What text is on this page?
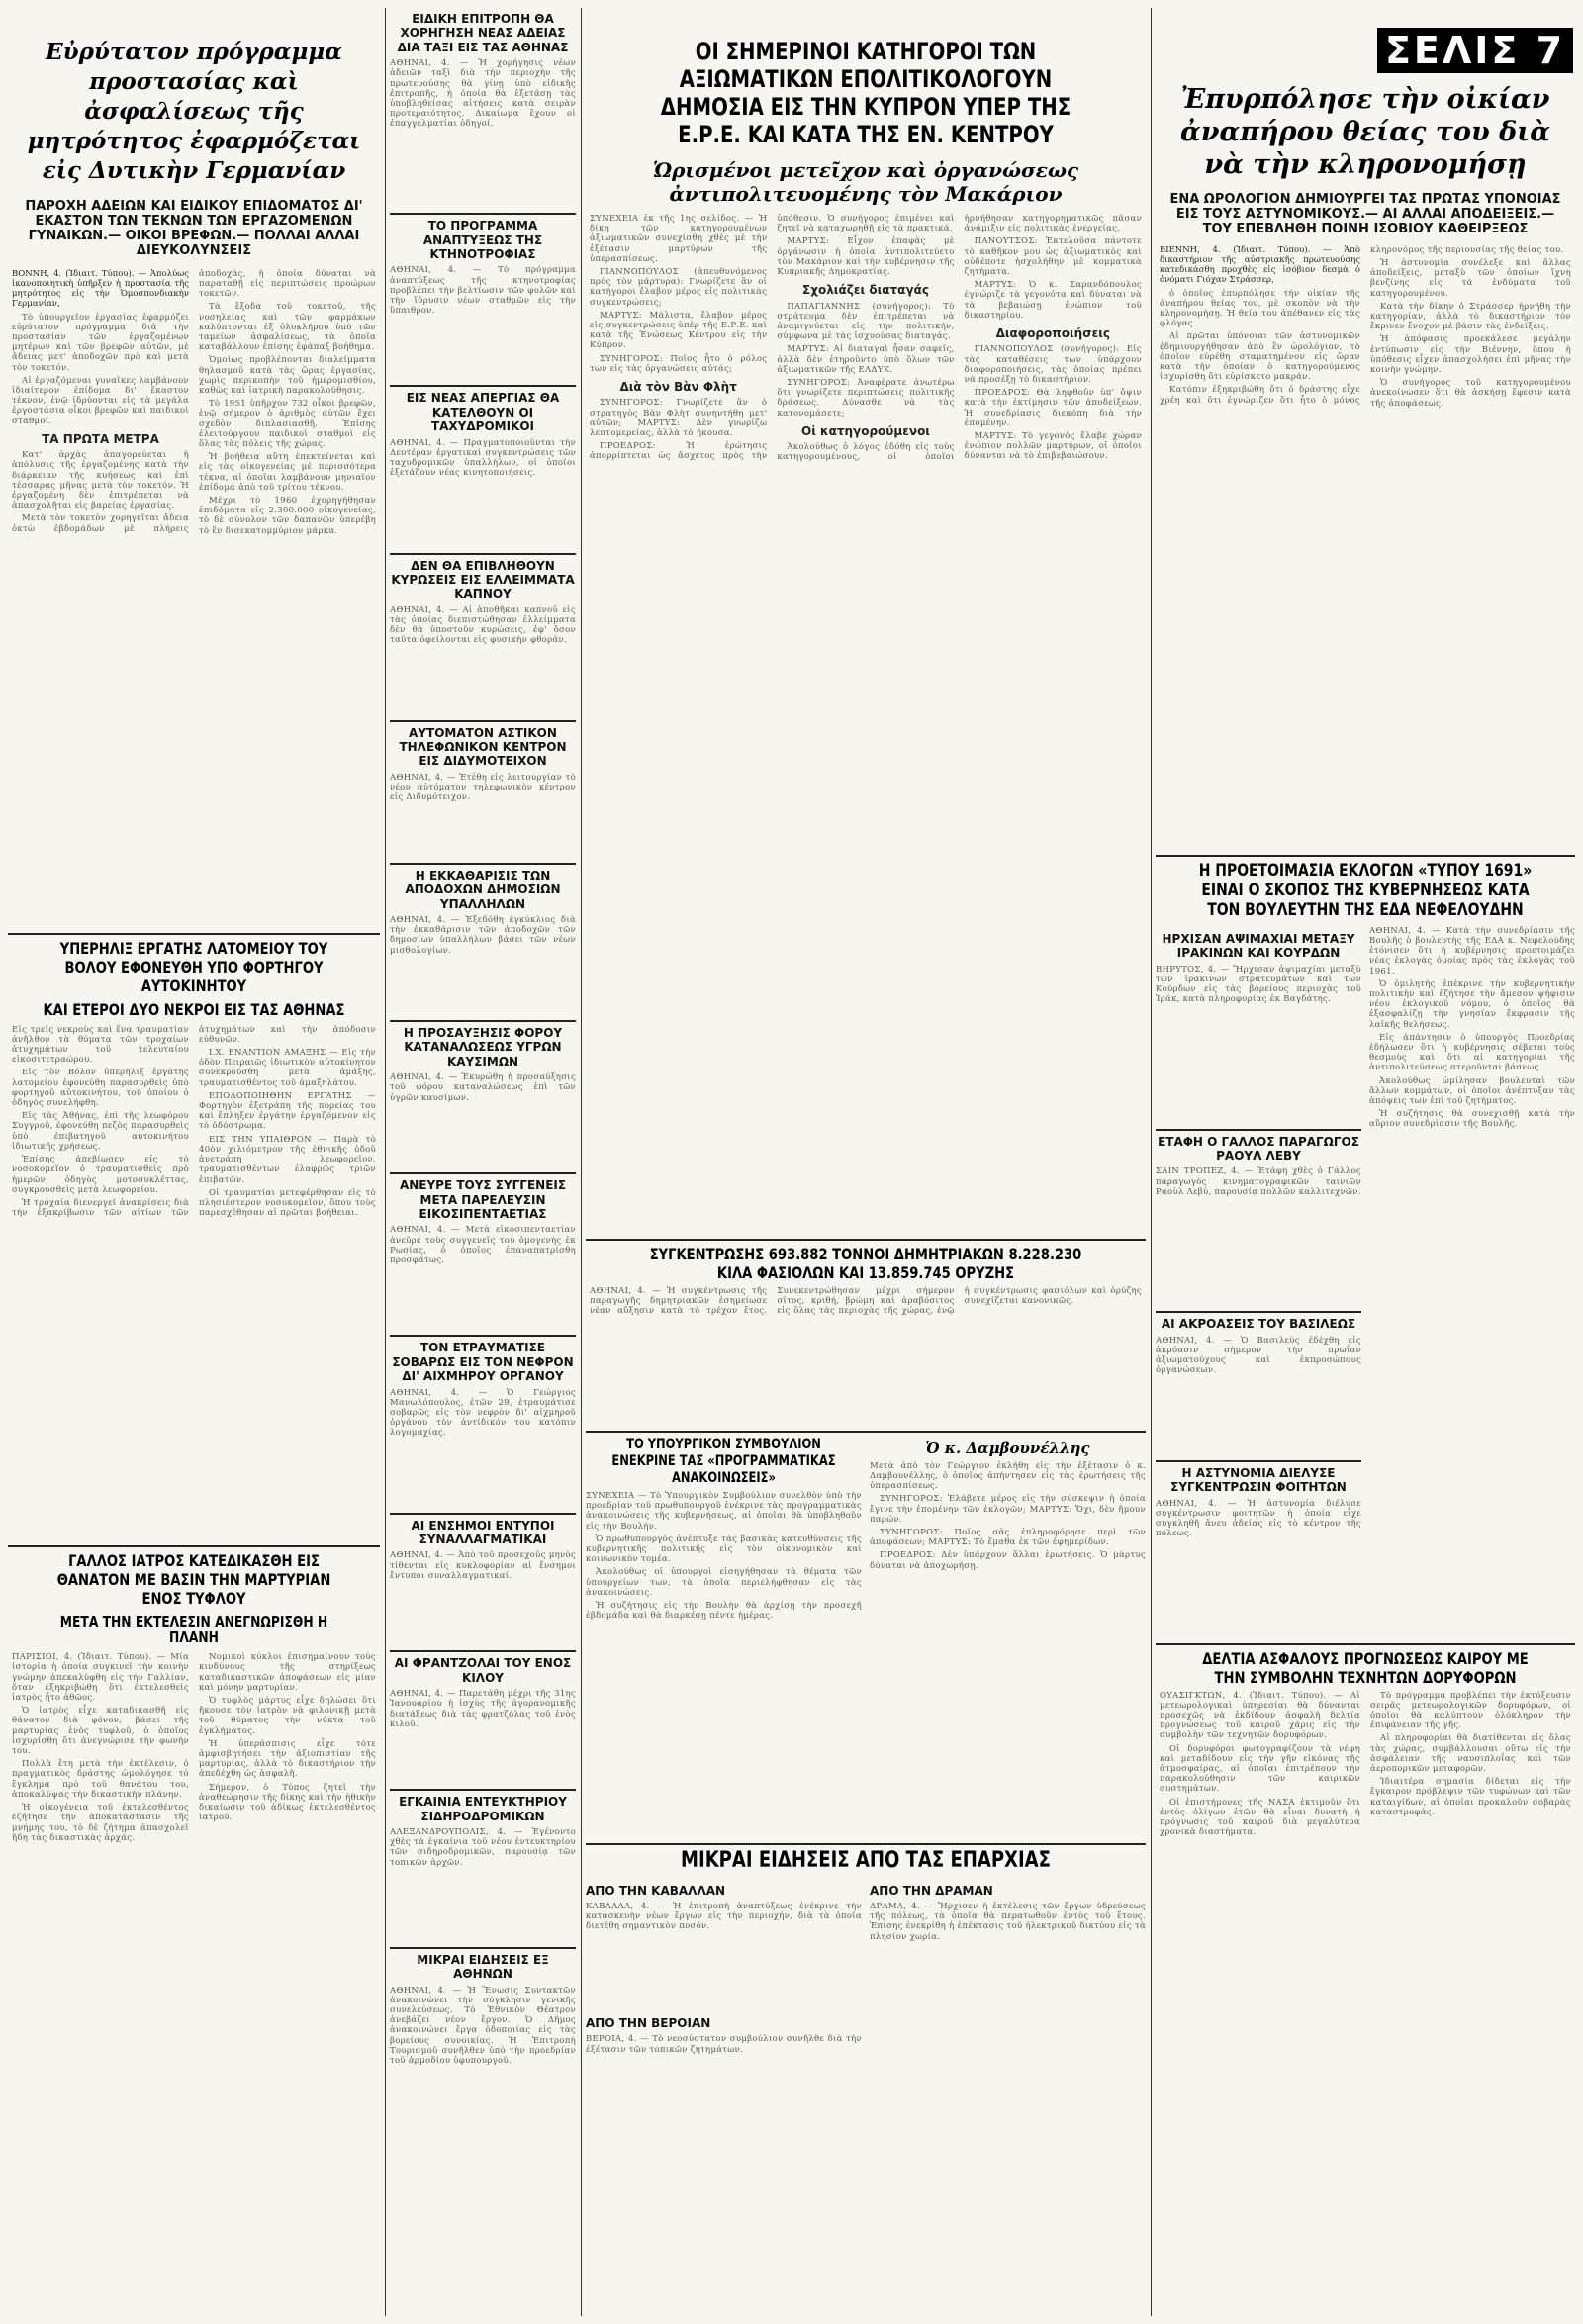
Εὐρύτατον πρόγραμμα προστασίας καὶ ἀσφαλίσεως τῆς μητρότητος ἐφαρμόζεται εἰς Δυτικὴν Γερμανίαν
ΠΑΡΟΧΗ ΑΔΕΙΩΝ ΚΑΙ ΕΙΔΙΚΟΥ ΕΠΙΔΟΜΑΤΟΣ ΔΙ' ΕΚΑΣΤΟΝ ΤΩΝ ΤΕΚΝΩΝ ΤΩΝ ΕΡΓΑΖΟΜΕΝΩΝ ΓΥΝΑΙΚΩΝ.— ΟΙΚΟΙ ΒΡΕΦΩΝ.— ΠΟΛΛΑΙ ΑΛΛΑΙ ΔΙΕΥΚΟΛΥΝΣΕΙΣ

ΒΟΝΝΗ, 4. (Ἰδιαιτ. Τύπου). — Ἀπολύως ἱκανοποιητικὴ ὑπῆρξεν ἡ προστασία τῆς μητρότητος εἰς τὴν Ὁμοσπονδιακὴν Γερμανίαν,

Τὸ ὑπουργεῖον ἐργασίας ἐφαρμόζει εὐρύτατον πρόγραμμα διὰ τὴν προστασίαν τῶν ἐργαζομένων μητέρων καὶ τῶν βρεφῶν αὐτῶν, μὲ ἄδειας μετ' ἀποδοχῶν πρὸ καὶ μετὰ τὸν τοκετόν.

Αἱ ἐργαζόμεναι γυναῖκες λαμβάνουν ἰδιαίτερον ἐπίδομα δι' ἕκαστον τέκνον, ἐνῷ ἱδρύονται εἰς τὰ μεγάλα ἐργοστάσια οἶκοι βρεφῶν καὶ παιδικοὶ σταθμοί.

ΤΑ ΠΡΩΤΑ ΜΕΤΡΑ

Κατ' ἀρχὰς ἀπαγορεύεται ἡ ἀπόλυσις τῆς ἐργαζομένης κατὰ τὴν διάρκειαν τῆς κυήσεως καὶ ἐπὶ τέσσαρας μῆνας μετὰ τὸν τοκετόν. Ἡ ἐργαζομένη δὲν ἐπιτρέπεται νὰ ἀπασχολῆται εἰς βαρείας ἐργασίας.

Μετὰ τὸν τοκετὸν χορηγεῖται ἄδεια ὀκτὼ ἑβδομάδων μὲ πλήρεις ἀποδοχάς, ἡ ὁποία δύναται νὰ παραταθῇ εἰς περιπτώσεις προώρων τοκετῶν.

Τὰ ἔξοδα τοῦ τοκετοῦ, τῆς νοσηλείας καὶ τῶν φαρμάκων καλύπτονται ἐξ ὁλοκλήρου ὑπὸ τῶν ταμείων ἀσφαλίσεως, τὰ ὁποῖα καταβάλλουν ἐπίσης ἐφάπαξ βοήθημα.

Ὁμοίως προβλέπονται διαλείμματα θηλασμοῦ κατὰ τὰς ὥρας ἐργασίας, χωρὶς περικοπὴν τοῦ ἡμερομισθίου, καθὼς καὶ ἰατρικὴ παρακολούθησις.

Τὸ 1951 ὑπῆρχον 732 οἶκοι βρεφῶν, ἐνῷ σήμερον ὁ ἀριθμὸς αὐτῶν ἔχει σχεδὸν διπλασιασθῆ. Ἐπίσης ἐλειτούργουν παιδικοὶ σταθμοὶ εἰς ὅλας τὰς πόλεις τῆς χώρας.

Ἡ βοήθεια αὕτη ἐπεκτείνεται καὶ εἰς τὰς οἰκογενείας μὲ περισσότερα τέκνα, αἱ ὁποῖαι λαμβάνουν μηνιαῖον ἐπίδομα ἀπὸ τοῦ τρίτου τέκνου.

Μέχρι τὸ 1960 ἐχορηγήθησαν ἐπιδόματα εἰς 2.300.000 οἰκογενείας, τὸ δὲ σύνολον τῶν δαπανῶν ὑπερέβη τὸ ἓν δισεκατομμύριον μάρκα.

ΥΠΕΡΗΛΙΞ ΕΡΓΑΤΗΣ ΛΑΤΟΜΕΙΟΥ ΤΟΥ ΒΟΛΟΥ ΕΦΟΝΕΥΘΗ ΥΠΟ ΦΟΡΤΗΓΟΥ ΑΥΤΟΚΙΝΗΤΟΥ
ΚΑΙ ΕΤΕΡΟΙ ΔΥΟ ΝΕΚΡΟΙ ΕΙΣ ΤΑΣ ΑΘΗΝΑΣ

Εἰς τρεῖς νεκροὺς καὶ ἕνα τραυματίαν ἀνῆλθον τὰ θύματα τῶν τροχαίων ἀτυχημάτων τοῦ τελευταίου εἰκοσιτετραώρου.

Εἰς τὸν Βόλον ὑπερῆλιξ ἐργάτης λατομείου ἐφονεύθη παρασυρθεὶς ὑπὸ φορτηγοῦ αὐτοκινήτου, τοῦ ὁποίου ὁ ὁδηγὸς συνελήφθη.

Εἰς τὰς Ἀθήνας, ἐπὶ τῆς λεωφόρου Συγγροῦ, ἐφονεύθη πεζὸς παρασυρθεὶς ὑπὸ ἐπιβατηγοῦ αὐτοκινήτου ἰδιωτικῆς χρήσεως.

Ἐπίσης ἀπεβίωσεν εἰς τὸ νοσοκομεῖον ὁ τραυματισθεὶς πρὸ ἡμερῶν ὁδηγὸς μοτοσυκλέττας, συγκρουσθεὶς μετὰ λεωφορείου.

Ἡ τροχαία διενεργεῖ ἀνακρίσεις διὰ τὴν ἐξακρίβωσιν τῶν αἰτίων τῶν ἀτυχημάτων καὶ τὴν ἀπόδοσιν εὐθυνῶν.

Ι.Χ. ΕΝΑΝΤΙΟΝ ΑΜΑΞΗΣ — Εἰς τὴν ὁδὸν Πειραιῶς ἰδιωτικὸν αὐτοκίνητον συνεκρούσθη μετὰ ἁμάξης, τραυματισθέντος τοῦ ἁμαξηλάτου.

ΕΠΟΔΟΠΟΙΗΘΗΝ ΕΡΓΑΤΗΣ — Φορτηγὸν ἐξετράπη τῆς πορείας του καὶ ἔπληξεν ἐργάτην ἐργαζόμενον εἰς τὸ ὁδόστρωμα.

ΕΙΣ ΤΗΝ ΥΠΑΙΘΡΟΝ — Παρὰ τὸ 40ὸν χιλιόμετρον τῆς ἐθνικῆς ὁδοῦ ἀνετράπη λεωφορεῖον, τραυματισθέντων ἐλαφρῶς τριῶν ἐπιβατῶν.

Οἱ τραυματίαι μετεφέρθησαν εἰς τὸ πλησιέστερον νοσοκομεῖον, ὅπου τοὺς παρεσχέθησαν αἱ πρῶται βοήθειαι.

ΓΑΛΛΟΣ ΙΑΤΡΟΣ ΚΑΤΕΔΙΚΑΣΘΗ ΕΙΣ ΘΑΝΑΤΟΝ ΜΕ ΒΑΣΙΝ ΤΗΝ ΜΑΡΤΥΡΙΑΝ ΕΝΟΣ ΤΥΦΛΟΥ
ΜΕΤΑ ΤΗΝ ΕΚΤΕΛΕΣΙΝ ΑΝΕΓΝΩΡΙΣΘΗ Η ΠΛΑΝΗ

ΠΑΡΙΣΙΟΙ, 4. (Ἰδιαιτ. Τύπου). — Μία ἱστορία ἡ ὁποία συγκινεῖ τὴν κοινὴν γνώμην ἀπεκαλύφθη εἰς τὴν Γαλλίαν, ὅταν ἐξηκριβώθη ὅτι ἐκτελεσθεὶς ἰατρὸς ἦτο ἀθῶος.

Ὁ ἰατρὸς εἶχε καταδικασθῆ εἰς θάνατον διὰ φόνον, βάσει τῆς μαρτυρίας ἑνὸς τυφλοῦ, ὁ ὁποῖος ἰσχυρίσθη ὅτι ἀνεγνώρισε τὴν φωνήν του.

Πολλὰ ἔτη μετὰ τὴν ἐκτέλεσιν, ὁ πραγματικὸς δράστης ὡμολόγησε τὸ ἔγκλημα πρὸ τοῦ θανάτου του, ἀποκαλύψας τὴν δικαστικὴν πλάνην.

Ἡ οἰκογένεια τοῦ ἐκτελεσθέντος ἐζήτησε τὴν ἀποκατάστασιν τῆς μνήμης του, τὸ δὲ ζήτημα ἀπασχολεῖ ἤδη τὰς δικαστικὰς ἀρχάς.

Νομικοὶ κύκλοι ἐπισημαίνουν τοὺς κινδύνους τῆς στηρίξεως καταδικαστικῶν ἀποφάσεων εἰς μίαν καὶ μόνην μαρτυρίαν.

Ὁ τυφλὸς μάρτυς εἶχε δηλώσει ὅτι ἤκουσε τὸν ἰατρὸν νὰ φιλονικῇ μετὰ τοῦ θύματος τὴν νύκτα τοῦ ἐγκλήματος.

Ἡ ὑπεράσπισις εἶχε τότε ἀμφισβητήσει τὴν ἀξιοπιστίαν τῆς μαρτυρίας, ἀλλὰ τὸ δικαστήριον τὴν ἀπεδέχθη ὡς ἀσφαλῆ.

Σήμερον, ὁ Τύπος ζητεῖ τὴν ἀναθεώρησιν τῆς δίκης καὶ τὴν ἠθικὴν δικαίωσιν τοῦ ἀδίκως ἐκτελεσθέντος ἰατροῦ.

ΕΙΔΙΚΗ ΕΠΙΤΡΟΠΗ ΘΑ ΧΟΡΗΓΗΣΗ ΝΕΑΣ ΑΔΕΙΑΣ ΔΙΑ ΤΑΞΙ ΕΙΣ ΤΑΣ ΑΘΗΝΑΣ

ΑΘΗΝΑΙ, 4. — Ἡ χορήγησις νέων ἀδειῶν ταξὶ διὰ τὴν περιοχὴν τῆς πρωτευούσης θὰ γίνῃ ὑπὸ εἰδικῆς ἐπιτροπῆς, ἡ ὁποία θὰ ἐξετάσῃ τὰς ὑποβληθείσας αἰτήσεις κατὰ σειρὰν προτεραιότητος. Δικαίωμα ἔχουν οἱ ἐπαγγελματίαι ὁδηγοί.

ΤΟ ΠΡΟΓΡΑΜΜΑ ΑΝΑΠΤΥΞΕΩΣ ΤΗΣ ΚΤΗΝΟΤΡΟΦΙΑΣ

ΑΘΗΝΑΙ, 4. — Τὸ πρόγραμμα ἀναπτύξεως τῆς κτηνοτροφίας προβλέπει τὴν βελτίωσιν τῶν φυλῶν καὶ τὴν ἵδρυσιν νέων σταθμῶν εἰς τὴν ὕπαιθρον.

ΕΙΣ ΝΕΑΣ ΑΠΕΡΓΙΑΣ ΘΑ ΚΑΤΕΛΘΟΥΝ ΟΙ ΤΑΧΥΔΡΟΜΙΚΟΙ

ΑΘΗΝΑΙ, 4. — Πραγματοποιοῦνται τὴν Δευτέραν ἐργατικαὶ συγκεντρώσεις τῶν ταχυδρομικῶν ὑπαλλήλων, οἱ ὁποῖοι ἐξετάζουν νέας κινητοποιήσεις.

ΔΕΝ ΘΑ ΕΠΙΒΛΗΘΟΥΝ ΚΥΡΩΣΕΙΣ ΕΙΣ ΕΛΛΕΙΜΜΑΤΑ ΚΑΠΝΟΥ

ΑΘΗΝΑΙ, 4. — Αἱ ἀποθῆκαι καπνοῦ εἰς τὰς ὁποίας διεπιστώθησαν ἐλλείμματα δὲν θὰ ὑποστοῦν κυρώσεις, ἐφ' ὅσον ταῦτα ὀφείλονται εἰς φυσικὴν φθοράν.

ΑΥΤΟΜΑΤΟΝ ΑΣΤΙΚΟΝ ΤΗΛΕΦΩΝΙΚΟΝ ΚΕΝΤΡΟΝ ΕΙΣ ΔΙΔΥΜΟΤΕΙΧΟΝ

ΑΘΗΝΑΙ, 4. — Ἐτέθη εἰς λειτουργίαν τὸ νέον αὐτόματον τηλεφωνικὸν κέντρον εἰς Διδυμότειχον.

Η ΕΚΚΑΘΑΡΙΣΙΣ ΤΩΝ ΑΠΟΔΟΧΩΝ ΔΗΜΟΣΙΩΝ ΥΠΑΛΛΗΛΩΝ

ΑΘΗΝΑΙ, 4. — Ἐξεδόθη ἐγκύκλιος διὰ τὴν ἐκκαθάρισιν τῶν ἀποδοχῶν τῶν δημοσίων ὑπαλλήλων βάσει τῶν νέων μισθολογίων.

Η ΠΡΟΣΑΥΞΗΣΙΣ ΦΟΡΟΥ ΚΑΤΑΝΑΛΩΣΕΩΣ ΥΓΡΩΝ ΚΑΥΣΙΜΩΝ

ΑΘΗΝΑΙ, 4. — Ἐκυρώθη ἡ προσαύξησις τοῦ φόρου καταναλώσεως ἐπὶ τῶν ὑγρῶν καυσίμων.

ΑΝΕΥΡΕ ΤΟΥΣ ΣΥΓΓΕΝΕΙΣ ΜΕΤΑ ΠΑΡΕΛΕΥΣΙΝ ΕΙΚΟΣΙΠΕΝΤΑΕΤΙΑΣ

ΑΘΗΝΑΙ, 4. — Μετὰ εἰκοσιπενταετίαν ἀνεῦρε τοὺς συγγενεῖς του ὁμογενὴς ἐκ Ρωσίας, ὁ ὁποῖος ἐπαναπατρίσθη προσφάτως.

ΤΟΝ ΕΤΡΑΥΜΑΤΙΣΕ ΣΟΒΑΡΩΣ ΕΙΣ ΤΟΝ ΝΕΦΡΟΝ ΔΙ' ΑΙΧΜΗΡΟΥ ΟΡΓΑΝΟΥ

ΑΘΗΝΑΙ, 4. — Ὁ Γεώργιος Μανωλόπουλος, ἐτῶν 29, ἐτραυμάτισε σοβαρῶς εἰς τὸν νεφρὸν δι' αἰχμηροῦ ὀργάνου τὸν ἀντίδικόν του κατόπιν λογομαχίας.

ΑΙ ΕΝΣΗΜΟΙ ΕΝΤΥΠΟΙ ΣΥΝΑΛΛΑΓΜΑΤΙΚΑΙ

ΑΘΗΝΑΙ, 4. — Ἀπὸ τοῦ προσεχοῦς μηνὸς τίθενται εἰς κυκλοφορίαν αἱ ἔνσημοι ἔντυποι συναλλαγματικαί.

ΑΙ ΦΡΑΝΤΖΟΛΑΙ ΤΟΥ ΕΝΟΣ ΚΙΛΟΥ

ΑΘΗΝΑΙ, 4. — Παρετάθη μέχρι τῆς 31ης Ἰανουαρίου ἡ ἰσχὺς τῆς ἀγορανομικῆς διατάξεως διὰ τὰς φρατζόλας τοῦ ἑνὸς κιλοῦ.

ΕΓΚΑΙΝΙΑ ΕΝΤΕΥΚΤΗΡΙΟΥ ΣΙΔΗΡΟΔΡΟΜΙΚΩΝ

ΑΛΕΞΑΝΔΡΟΥΠΟΛΙΣ, 4. — Ἐγένοντο χθὲς τὰ ἐγκαίνια τοῦ νέου ἐντευκτηρίου τῶν σιδηροδρομικῶν, παρουσίᾳ τῶν τοπικῶν ἀρχῶν.

ΜΙΚΡΑΙ ΕΙΔΗΣΕΙΣ ΕΞ ΑΘΗΝΩΝ

ΑΘΗΝΑΙ, 4. — Ἡ Ἕνωσις Συντακτῶν ἀνακοινώνει τὴν σύγκλησιν γενικῆς συνελεύσεως. Τὸ Ἐθνικὸν Θέατρον ἀνεβάζει νέον ἔργον. Ὁ Δῆμος ἀνακοινώνει ἔργα ὀδοποιίας εἰς τὰς βορείους συνοικίας. Ἡ Ἐπιτροπὴ Τουρισμοῦ συνῆλθεν ὑπὸ τὴν προεδρίαν τοῦ ἁρμοδίου ὑφυπουργοῦ.

ΟΙ ΣΗΜΕΡΙΝΟΙ ΚΑΤΗΓΟΡΟΙ ΤΩΝ ΑΞΙΩΜΑΤΙΚΩΝ ΕΠΟΛΙΤΙΚΟΛΟΓΟΥΝ ΔΗΜΟΣΙΑ ΕΙΣ ΤΗΝ ΚΥΠΡΟΝ ΥΠΕΡ ΤΗΣ Ε.Ρ.Ε. ΚΑΙ ΚΑΤΑ ΤΗΣ ΕΝ. ΚΕΝΤΡΟΥ
Ὡρισμένοι μετεῖχον καὶ ὀργανώσεως ἀντιπολιτευομένης τὸν Μακάριον

ΣΥΝΕΧΕΙΑ ἐκ τῆς 1ης σελίδος. — Ἡ δίκη τῶν κατηγορουμένων ἀξιωματικῶν συνεχίσθη χθὲς μὲ τὴν ἐξέτασιν μαρτύρων τῆς ὑπερασπίσεως.

ΓΙΑΝΝΟΠΟΥΛΟΣ (ἀπευθυνόμενος πρὸς τὸν μάρτυρα): Γνωρίζετε ἂν οἱ κατήγοροι ἔλαβον μέρος εἰς πολιτικὰς συγκεντρώσεις;

ΜΑΡΤΥΣ: Μάλιστα, ἔλαβον μέρος εἰς συγκεντρώσεις ὑπὲρ τῆς Ε.Ρ.Ε. καὶ κατὰ τῆς Ἑνώσεως Κέντρου εἰς τὴν Κύπρον.

ΣΥΝΗΓΟΡΟΣ: Ποῖος ἦτο ὁ ρόλος των εἰς τὰς ὀργανώσεις αὐτάς;

Διὰ τὸν Βὰν Φλὴτ

ΣΥΝΗΓΟΡΟΣ: Γνωρίζετε ἂν ὁ στρατηγὸς Βὰν Φλὴτ συνηντήθη μετ' αὐτῶν; ΜΑΡΤΥΣ: Δὲν γνωρίζω λεπτομερείας, ἀλλὰ τὸ ἤκουσα.

ΠΡΟΕΔΡΟΣ: Ἡ ἐρώτησις ἀπορρίπτεται ὡς ἄσχετος πρὸς τὴν ὑπόθεσιν. Ὁ συνήγορος ἐπιμένει καὶ ζητεῖ νὰ καταχωρηθῇ εἰς τὰ πρακτικά.

ΜΑΡΤΥΣ: Εἶχον ἐπαφὰς μὲ ὀργάνωσιν ἡ ὁποία ἀντιπολιτεύετο τὸν Μακάριον καὶ τὴν κυβέρνησιν τῆς Κυπριακῆς Δημοκρατίας.

Σχολιάζει διαταγάς

ΠΑΠΑΓΙΑΝΝΗΣ (συνήγορος): Τὸ στράτευμα δὲν ἐπιτρέπεται νὰ ἀναμιγνύεται εἰς τὴν πολιτικήν, σύμφωνα μὲ τὰς ἰσχυούσας διαταγάς.

ΜΑΡΤΥΣ: Αἱ διαταγαὶ ἦσαν σαφεῖς, ἀλλὰ δὲν ἐτηροῦντο ὑπὸ ὅλων τῶν ἀξιωματικῶν τῆς ΕΛΔΥΚ.

ΣΥΝΗΓΟΡΟΣ: Ἀναφέρατε ἀνωτέρω ὅτι γνωρίζετε περιπτώσεις πολιτικῆς δράσεως. Δύνασθε νὰ τὰς κατονομάσετε;

Οἱ κατηγορούμενοι

Ἀκολούθως ὁ λόγος ἐδόθη εἰς τοὺς κατηγορουμένους, οἱ ὁποῖοι ἠρνήθησαν κατηγορηματικῶς πᾶσαν ἀνάμιξιν εἰς πολιτικὰς ἐνεργείας.

ΠΑΝΟΥΤΣΟΣ: Ἐκτελοῦσα πάντοτε τὸ καθῆκον μου ὡς ἀξιωματικὸς καὶ οὐδέποτε ἠσχολήθην μὲ κομματικὰ ζητήματα.

ΜΑΡΤΥΣ: Ὁ κ. Σαρανδόπουλος ἐγνώριζε τὰ γεγονότα καὶ δύναται νὰ τὰ βεβαιώσῃ ἐνώπιον τοῦ δικαστηρίου.

Διαφοροποιήσεις

ΓΙΑΝΝΟΠΟΥΛΟΣ (συνήγορος): Εἰς τὰς καταθέσεις των ὑπάρχουν διαφοροποιήσεις, τὰς ὁποίας πρέπει νὰ προσέξῃ τὸ δικαστήριον.

ΠΡΟΕΔΡΟΣ: Θὰ ληφθοῦν ὑπ' ὄψιν κατὰ τὴν ἐκτίμησιν τῶν ἀποδείξεων. Ἡ συνεδρίασις διεκόπη διὰ τὴν ἐπομένην.

ΜΑΡΤΥΣ: Τὸ γεγονὸς ἔλαβε χώραν ἐνώπιον πολλῶν μαρτύρων, οἱ ὁποῖοι δύνανται νὰ τὸ ἐπιβεβαιώσουν.

ΣΥΓΚΕΝΤΡΩΣΗΣ 693.882 ΤΟΝΝΟΙ ΔΗΜΗΤΡΙΑΚΩΝ 8.228.230 ΚΙΛΑ ΦΑΣΙΟΛΩΝ ΚΑΙ 13.859.745 ΟΡΥΖΗΣ

ΑΘΗΝΑΙ, 4. — Ἡ συγκέντρωσις τῆς παραγωγῆς δημητριακῶν ἐσημείωσε νέαν αὔξησιν κατὰ τὸ τρέχον ἔτος. Συνεκεντρώθησαν μέχρι σήμερον σῖτος, κριθή, βρώμη καὶ ἀραβόσιτος εἰς ὅλας τὰς περιοχὰς τῆς χώρας, ἐνῷ ἡ συγκέντρωσις φασιόλων καὶ ὀρύζης συνεχίζεται κανονικῶς.

ΤΟ ΥΠΟΥΡΓΙΚΟΝ ΣΥΜΒΟΥΛΙΟΝ ΕΝΕΚΡΙΝΕ ΤΑΣ «ΠΡΟΓΡΑΜΜΑΤΙΚΑΣ ΑΝΑΚΟΙΝΩΣΕΙΣ»

ΣΥΝΕΧΕΙΑ — Τὸ Ὑπουργικὸν Συμβούλιον συνελθὸν ὑπὸ τὴν προεδρίαν τοῦ πρωθυπουργοῦ ἐνέκρινε τὰς προγραμματικὰς ἀνακοινώσεις τῆς κυβερνήσεως, αἱ ὁποῖαι θὰ ὑποβληθοῦν εἰς τὴν Βουλήν.

Ὁ πρωθυπουργὸς ἀνέπτυξε τὰς βασικὰς κατευθύνσεις τῆς κυβερνητικῆς πολιτικῆς εἰς τὸν οἰκονομικὸν καὶ κοινωνικὸν τομέα.

Ἀκολούθως οἱ ὑπουργοὶ εἰσηγήθησαν τὰ θέματα τῶν ὑπουργείων των, τὰ ὁποῖα περιελήφθησαν εἰς τὰς ἀνακοινώσεις.

Ἡ συζήτησις εἰς τὴν Βουλὴν θὰ ἀρχίσῃ τὴν προσεχῆ ἑβδομάδα καὶ θὰ διαρκέσῃ πέντε ἡμέρας.

Ὁ κ. Δαμβουνέλλης

Μετὰ ἀπὸ τὸν Γεώργιον ἐκλήθη εἰς τὴν ἐξέτασιν ὁ κ. Δαμβουνέλλης, ὁ ὁποῖος ἀπήντησεν εἰς τὰς ἐρωτήσεις τῆς ὑπερασπίσεως.

ΣΥΝΗΓΟΡΟΣ: Ἐλάβετε μέρος εἰς τὴν σύσκεψιν ἡ ὁποία ἔγινε τὴν ἐπομένην τῶν ἐκλογῶν; ΜΑΡΤΥΣ: Ὄχι, δὲν ἤμουν παρών.

ΣΥΝΗΓΟΡΟΣ: Ποῖος σᾶς ἐπληροφόρησε περὶ τῶν ἀποφάσεων; ΜΑΡΤΥΣ: Τὸ ἔμαθα ἐκ τῶν ἐφημερίδων.

ΠΡΟΕΔΡΟΣ: Δὲν ὑπάρχουν ἄλλαι ἐρωτήσεις. Ὁ μάρτυς δύναται νὰ ἀποχωρήσῃ.

ΜΙΚΡΑΙ ΕΙΔΗΣΕΙΣ ΑΠΟ ΤΑΣ ΕΠΑΡΧΙΑΣ
ΑΠΟ ΤΗΝ ΚΑΒΑΛΛΑΝ

ΚΑΒΑΛΛΑ, 4. — Ἡ ἐπιτροπὴ ἀναπτύξεως ἐνέκρινε τὴν κατασκευὴν νέων ἔργων εἰς τὴν περιοχήν, διὰ τὰ ὁποῖα διετέθη σημαντικὸν ποσόν.

ΑΠΟ ΤΗΝ ΒΕΡΟΙΑΝ

ΒΕΡΟΙΑ, 4. — Τὸ νεοσύστατον συμβούλιον συνῆλθε διὰ τὴν ἐξέτασιν τῶν τοπικῶν ζητημάτων.

ΑΠΟ ΤΗΝ ΔΡΑΜΑΝ

ΔΡΑΜΑ, 4. — Ἤρχισεν ἡ ἐκτέλεσις τῶν ἔργων ὑδρεύσεως τῆς πόλεως, τὰ ὁποῖα θὰ περατωθοῦν ἐντὸς τοῦ ἔτους. Ἐπίσης ἐνεκρίθη ἡ ἐπέκτασις τοῦ ἠλεκτρικοῦ δικτύου εἰς τὰ πλησίον χωρία.

ΣΕΛΙΣ 7
Ἐπυρπόλησε τὴν οἰκίαν ἀναπήρου θείας του διὰ νὰ τὴν κληρονομήσῃ
ΕΝΑ ΩΡΟΛΟΓΙΟΝ ΔΗΜΙΟΥΡΓΕΙ ΤΑΣ ΠΡΩΤΑΣ ΥΠΟΝΟΙΑΣ ΕΙΣ ΤΟΥΣ ΑΣΤΥΝΟΜΙΚΟΥΣ.— ΑΙ ΑΛΛΑΙ ΑΠΟΔΕΙΞΕΙΣ.— ΤΟΥ ΕΠΕΒΛΗΘΗ ΠΟΙΝΗ ΙΣΟΒΙΟΥ ΚΑΘΕΙΡΞΕΩΣ

ΒΙΕΝΝΗ, 4. (Ἰδιαιτ. Τύπου). — Ἀπὸ δικαστήριον τῆς αὐστριακῆς πρωτευούσης κατεδικάσθη προχθὲς εἰς ἰσόβιον δεσμὰ ὁ ὀνόματι Γιόχαν Στράσσερ,

ὁ ὁποῖος ἐπυρπόλησε τὴν οἰκίαν τῆς ἀναπήρου θείας του, μὲ σκοπὸν νὰ τὴν κληρονομήσῃ. Ἡ θεία του ἀπέθανεν εἰς τὰς φλόγας.

Αἱ πρῶται ὑπόνοιαι τῶν ἀστυνομικῶν ἐδημιουργήθησαν ἀπὸ ἓν ὡρολόγιον, τὸ ὁποῖον εὑρέθη σταματημένον εἰς ὥραν κατὰ τὴν ὁποίαν ὁ κατηγορούμενος ἰσχυρίσθη ὅτι εὑρίσκετο μακράν.

Κατόπιν ἐξηκριβώθη ὅτι ὁ δράστης εἶχε χρέη καὶ ὅτι ἐγνώριζεν ὅτι ἦτο ὁ μόνος κληρονόμος τῆς περιουσίας τῆς θείας του.

Ἡ ἀστυνομία συνέλεξε καὶ ἄλλας ἀποδείξεις, μεταξὺ τῶν ὁποίων ἴχνη βενζίνης εἰς τὰ ἐνδύματα τοῦ κατηγορουμένου.

Κατὰ τὴν δίκην ὁ Στράσσερ ἠρνήθη τὴν κατηγορίαν, ἀλλὰ τὸ δικαστήριον τὸν ἔκρινεν ἔνοχον μὲ βάσιν τὰς ἐνδείξεις.

Ἡ ἀπόφασις προεκάλεσε μεγάλην ἐντύπωσιν εἰς τὴν Βιέννην, ὅπου ἡ ὑπόθεσις εἶχεν ἀπασχολήσει ἐπὶ μῆνας τὴν κοινὴν γνώμην.

Ὁ συνήγορος τοῦ κατηγορουμένου ἀνεκοίνωσεν ὅτι θὰ ἀσκήσῃ ἔφεσιν κατὰ τῆς ἀποφάσεως.

Η ΠΡΟΕΤΟΙΜΑΣΙΑ ΕΚΛΟΓΩΝ «ΤΥΠΟΥ 1691» ΕΙΝΑΙ Ο ΣΚΟΠΟΣ ΤΗΣ ΚΥΒΕΡΝΗΣΕΩΣ ΚΑΤΑ ΤΟΝ ΒΟΥΛΕΥΤΗΝ ΤΗΣ ΕΔΑ ΝΕΦΕΛΟΥΔΗΝ
ΗΡΧΙΣΑΝ ΑΨΙΜΑΧΙΑΙ ΜΕΤΑΞΥ ΙΡΑΚΙΝΩΝ ΚΑΙ ΚΟΥΡΔΩΝ

ΒΗΡΥΤΟΣ, 4. — Ἤρχισαν ἀψιμαχίαι μεταξὺ τῶν ἰρακινῶν στρατευμάτων καὶ τῶν Κούρδων εἰς τὰς βορείους περιοχὰς τοῦ Ἰράκ, κατὰ πληροφορίας ἐκ Βαγδάτης.

ΕΤΑΦΗ Ο ΓΑΛΛΟΣ ΠΑΡΑΓΩΓΟΣ ΡΑΟΥΛ ΛΕΒΥ

ΣΑΙΝ ΤΡΟΠΕΖ, 4. — Ἐτάφη χθὲς ὁ Γάλλος παραγωγὸς κινηματογραφικῶν ταινιῶν Ραοὺλ Λεβύ, παρουσίᾳ πολλῶν καλλιτεχνῶν.

ΑΙ ΑΚΡΟΑΣΕΙΣ ΤΟΥ ΒΑΣΙΛΕΩΣ

ΑΘΗΝΑΙ, 4. — Ὁ Βασιλεὺς ἐδέχθη εἰς ἀκρόασιν σήμερον τὴν πρωΐαν ἀξιωματούχους καὶ ἐκπροσώπους ὀργανώσεων.

Η ΑΣΤΥΝΟΜΙΑ ΔΙΕΛΥΣΕ ΣΥΓΚΕΝΤΡΩΣΙΝ ΦΟΙΤΗΤΩΝ

ΑΘΗΝΑΙ, 4. — Ἡ ἀστυνομία διέλυσε συγκέντρωσιν φοιτητῶν ἡ ὁποία εἶχε συγκληθῆ ἄνευ ἀδείας εἰς τὸ κέντρον τῆς πόλεως.

ΑΘΗΝΑΙ, 4. — Κατὰ τὴν συνεδρίασιν τῆς Βουλῆς ὁ βουλευτὴς τῆς ΕΔΑ κ. Νεφελούδης ἐτόνισεν ὅτι ἡ κυβέρνησις προετοιμάζει νέας ἐκλογὰς ὁμοίας πρὸς τὰς ἐκλογὰς τοῦ 1961.

Ὁ ὁμιλητὴς ἐπέκρινε τὴν κυβερνητικὴν πολιτικὴν καὶ ἐζήτησε τὴν ἄμεσον ψήφισιν νέου ἐκλογικοῦ νόμου, ὁ ὁποῖος θὰ ἐξασφαλίζῃ τὴν γνησίαν ἔκφρασιν τῆς λαϊκῆς θελήσεως.

Εἰς ἀπάντησιν ὁ ὑπουργὸς Προεδρίας ἐδήλωσεν ὅτι ἡ κυβέρνησις σέβεται τοὺς θεσμοὺς καὶ ὅτι αἱ κατηγορίαι τῆς ἀντιπολιτεύσεως στεροῦνται βάσεως.

Ἀκολούθως ὡμίλησαν βουλευταὶ τῶν ἄλλων κομμάτων, οἱ ὁποῖοι ἀνέπτυξαν τὰς ἀπόψεις των ἐπὶ τοῦ ζητήματος.

Ἡ συζήτησις θὰ συνεχισθῇ κατὰ τὴν αὔριον συνεδρίασιν τῆς Βουλῆς.

ΔΕΛΤΙΑ ΑΣΦΑΛΟΥΣ ΠΡΟΓΝΩΣΕΩΣ ΚΑΙΡΟΥ ΜΕ ΤΗΝ ΣΥΜΒΟΛΗΝ ΤΕΧΝΗΤΩΝ ΔΟΡΥΦΟΡΩΝ

ΟΥΑΣΙΓΚΤΩΝ, 4. (Ἰδιαιτ. Τύπου). — Αἱ μετεωρολογικαὶ ὑπηρεσίαι θὰ δύνανται προσεχῶς νὰ ἐκδίδουν ἀσφαλῆ δελτία προγνώσεως τοῦ καιροῦ χάρις εἰς τὴν συμβολὴν τῶν τεχνητῶν δορυφόρων.

Οἱ δορυφόροι φωτογραφίζουν τὰ νέφη καὶ μεταδίδουν εἰς τὴν γῆν εἰκόνας τῆς ἀτμοσφαίρας, αἱ ὁποῖαι ἐπιτρέπουν τὴν παρακολούθησιν τῶν καιρικῶν συστημάτων.

Οἱ ἐπιστήμονες τῆς ΝΑΣΑ ἐκτιμοῦν ὅτι ἐντὸς ὀλίγων ἐτῶν θὰ εἶναι δυνατὴ ἡ πρόγνωσις τοῦ καιροῦ διὰ μεγαλύτερα χρονικὰ διαστήματα.

Τὸ πρόγραμμα προβλέπει τὴν ἐκτόξευσιν σειρᾶς μετεωρολογικῶν δορυφόρων, οἱ ὁποῖοι θὰ καλύπτουν ὁλόκληρον τὴν ἐπιφάνειαν τῆς γῆς.

Αἱ πληροφορίαι θὰ διατίθενται εἰς ὅλας τὰς χώρας, συμβάλλουσαι οὕτω εἰς τὴν ἀσφάλειαν τῆς ναυσιπλοΐας καὶ τῶν ἀεροπορικῶν μεταφορῶν.

Ἰδιαιτέρα σημασία δίδεται εἰς τὴν ἔγκαιρον πρόβλεψιν τῶν τυφώνων καὶ τῶν καταιγίδων, αἱ ὁποῖαι προκαλοῦν σοβαρὰς καταστροφάς.
